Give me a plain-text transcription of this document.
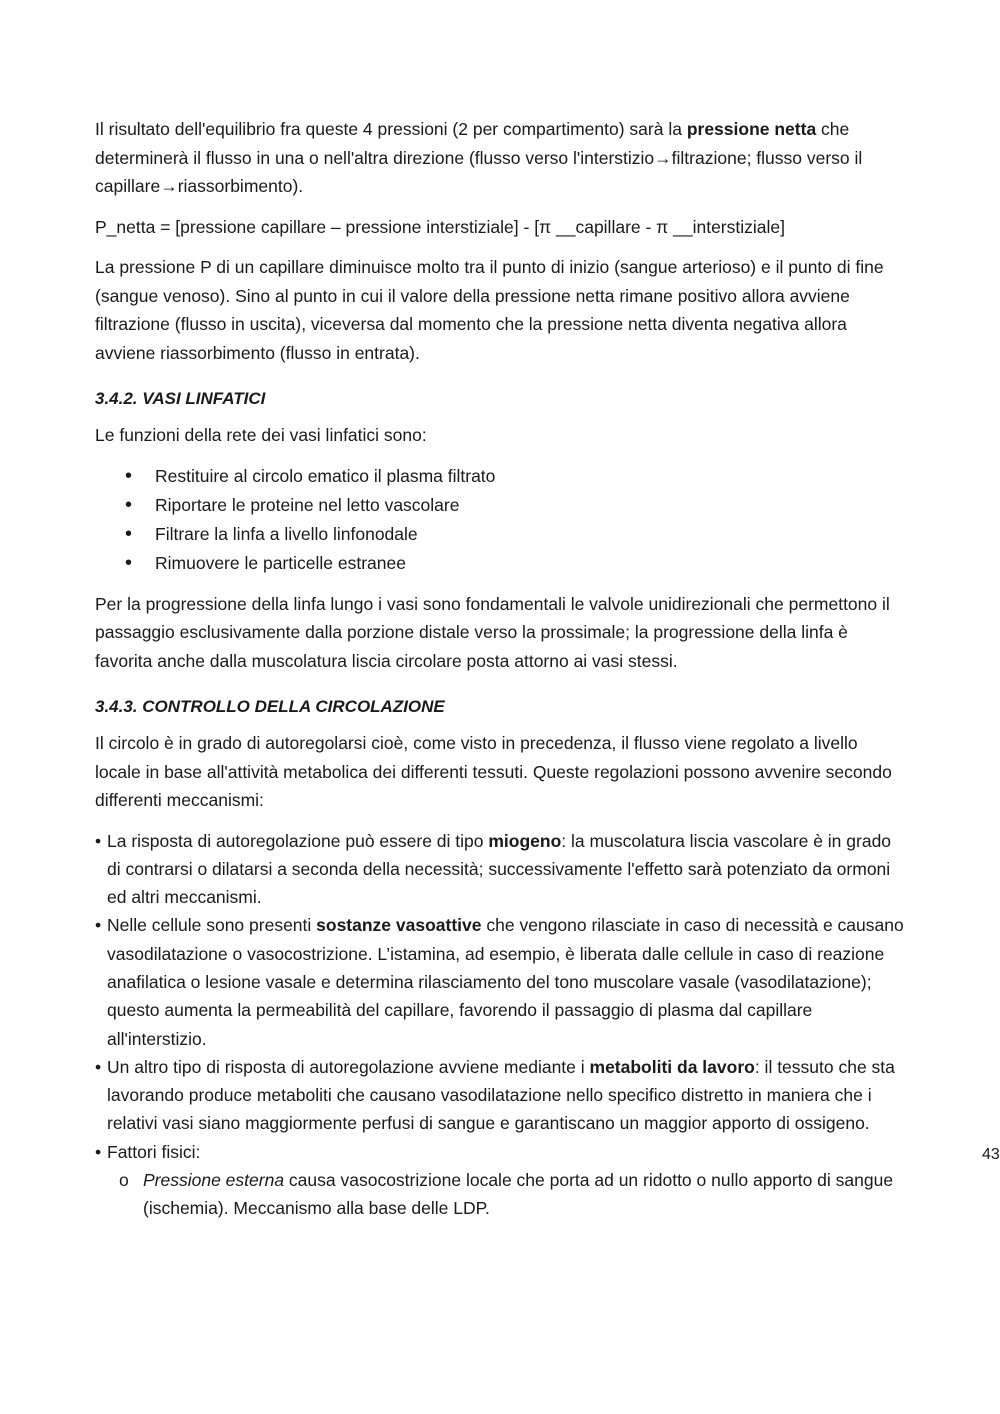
Il risultato dell'equilibrio fra queste 4 pressioni (2 per compartimento) sarà la pressione netta che determinerà il flusso in una o nell'altra direzione (flusso verso l'interstizio→filtrazione; flusso verso il capillare→riassorbimento).

P_netta = [pressione capillare – pressione interstiziale] - [π __capillare - π __interstiziale]

La pressione P di un capillare diminuisce molto tra il punto di inizio (sangue arterioso) e il punto di fine (sangue venoso). Sino al punto in cui il valore della pressione netta rimane positivo allora avviene filtrazione (flusso in uscita), viceversa dal momento che la pressione netta diventa negativa allora avviene riassorbimento (flusso in entrata).

3.4.2. VASI LINFATICI

Le funzioni della rete dei vasi linfatici sono:

• Restituire al circolo ematico il plasma filtrato
• Riportare le proteine nel letto vascolare
• Filtrare la linfa a livello linfonodale
• Rimuovere le particelle estranee

Per la progressione della linfa lungo i vasi sono fondamentali le valvole unidirezionali che permettono il passaggio esclusivamente dalla porzione distale verso la prossimale; la progressione della linfa è favorita anche dalla muscolatura liscia circolare posta attorno ai vasi stessi.

3.4.3. CONTROLLO DELLA CIRCOLAZIONE

Il circolo è in grado di autoregolarsi cioè, come visto in precedenza, il flusso viene regolato a livello locale in base all'attività metabolica dei differenti tessuti. Queste regolazioni possono avvenire secondo differenti meccanismi:

• La risposta di autoregolazione può essere di tipo miogeno: la muscolatura liscia vascolare è in grado di contrarsi o dilatarsi a seconda della necessità; successivamente l'effetto sarà potenziato da ormoni ed altri meccanismi.
• Nelle cellule sono presenti sostanze vasoattive che vengono rilasciate in caso di necessità e causano vasodilatazione o vasocostrizione. L’istamina, ad esempio, è liberata dalle cellule in caso di reazione anafilatica o lesione vasale e determina rilasciamento del tono muscolare vasale (vasodilatazione); questo aumenta la permeabilità del capillare, favorendo il passaggio di plasma dal capillare all'interstizio.
• Un altro tipo di risposta di autoregolazione avviene mediante i metaboliti da lavoro: il tessuto che sta lavorando produce metaboliti che causano vasodilatazione nello specifico distretto in maniera che i relativi vasi siano maggiormente perfusi di sangue e garantiscano un maggior apporto di ossigeno.
• Fattori fisici:
o Pressione esterna causa vasocostrizione locale che porta ad un ridotto o nullo apporto di sangue (ischemia). Meccanismo alla base delle LDP.
43
